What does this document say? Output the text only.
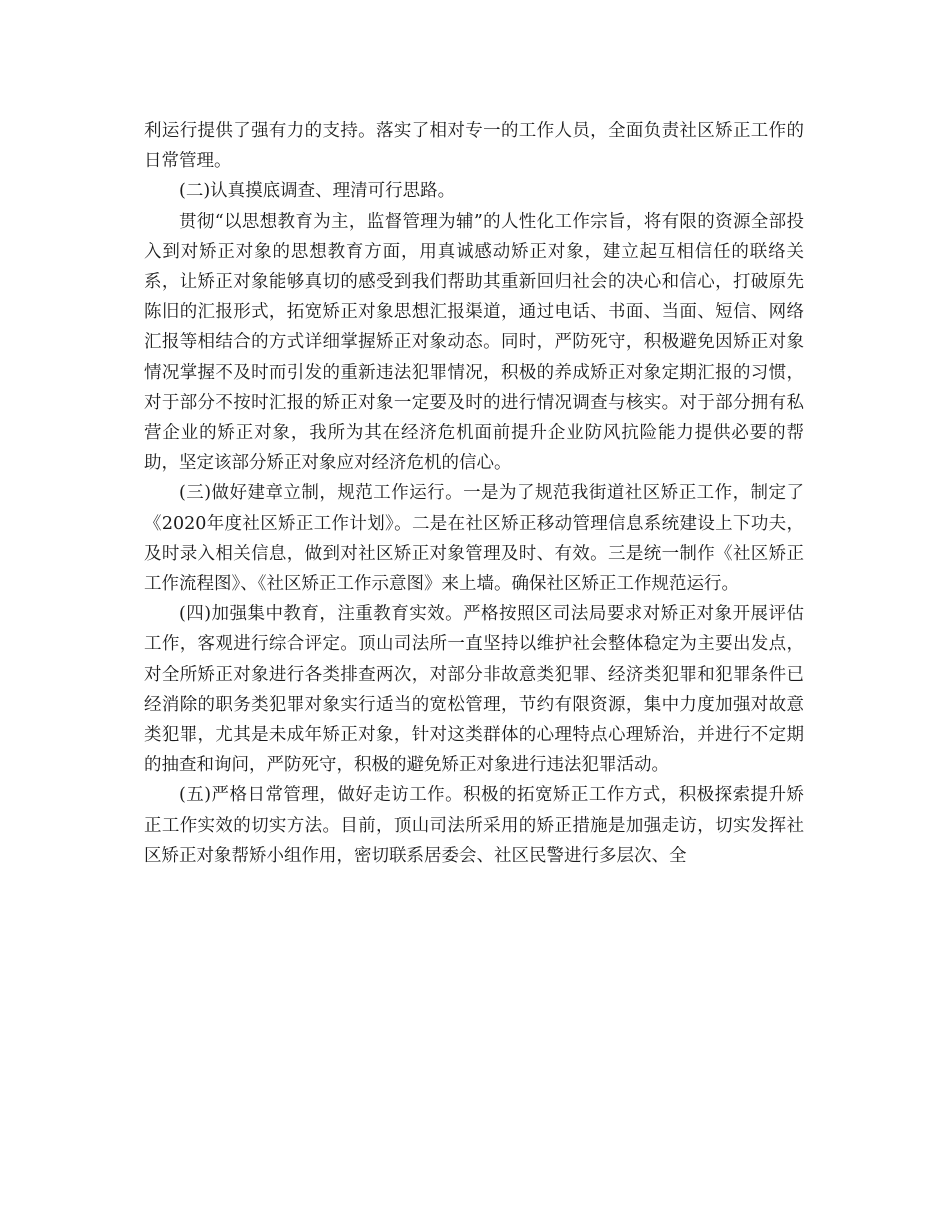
利运行提供了强有力的支持。落实了相对专一的工作人员，全面负责社区矫正工作的日常管理。

(二)认真摸底调查、理清可行思路。

贯彻“以思想教育为主，监督管理为辅”的人性化工作宗旨，将有限的资源全部投入到对矫正对象的思想教育方面，用真诚感动矫正对象，建立起互相信任的联络关系，让矫正对象能够真切的感受到我们帮助其重新回归社会的决心和信心，打破原先陈旧的汇报形式，拓宽矫正对象思想汇报渠道，通过电话、书面、当面、短信、网络汇报等相结合的方式详细掌握矫正对象动态。同时，严防死守，积极避免因矫正对象情况掌握不及时而引发的重新违法犯罪情况，积极的养成矫正对象定期汇报的习惯，对于部分不按时汇报的矫正对象一定要及时的进行情况调查与核实。对于部分拥有私营企业的矫正对象，我所为其在经济危机面前提升企业防风抗险能力提供必要的帮助，坚定该部分矫正对象应对经济危机的信心。

(三)做好建章立制，规范工作运行。一是为了规范我街道社区矫正工作，制定了《2020年度社区矫正工作计划》。二是在社区矫正移动管理信息系统建设上下功夫，及时录入相关信息，做到对社区矫正对象管理及时、有效。三是统一制作《社区矫正工作流程图》、《社区矫正工作示意图》来上墙。确保社区矫正工作规范运行。

(四)加强集中教育，注重教育实效。严格按照区司法局要求对矫正对象开展评估工作，客观进行综合评定。顶山司法所一直坚持以维护社会整体稳定为主要出发点，对全所矫正对象进行各类排查两次，对部分非故意类犯罪、经济类犯罪和犯罪条件已经消除的职务类犯罪对象实行适当的宽松管理，节约有限资源，集中力度加强对故意类犯罪，尤其是未成年矫正对象，针对这类群体的心理特点心理矫治，并进行不定期的抽查和询问，严防死守，积极的避免矫正对象进行违法犯罪活动。

(五)严格日常管理，做好走访工作。积极的拓宽矫正工作方式，积极探索提升矫正工作实效的切实方法。目前，顶山司法所采用的矫正措施是加强走访，切实发挥社区矫正对象帮矫小组作用，密切联系居委会、社区民警进行多层次、全
